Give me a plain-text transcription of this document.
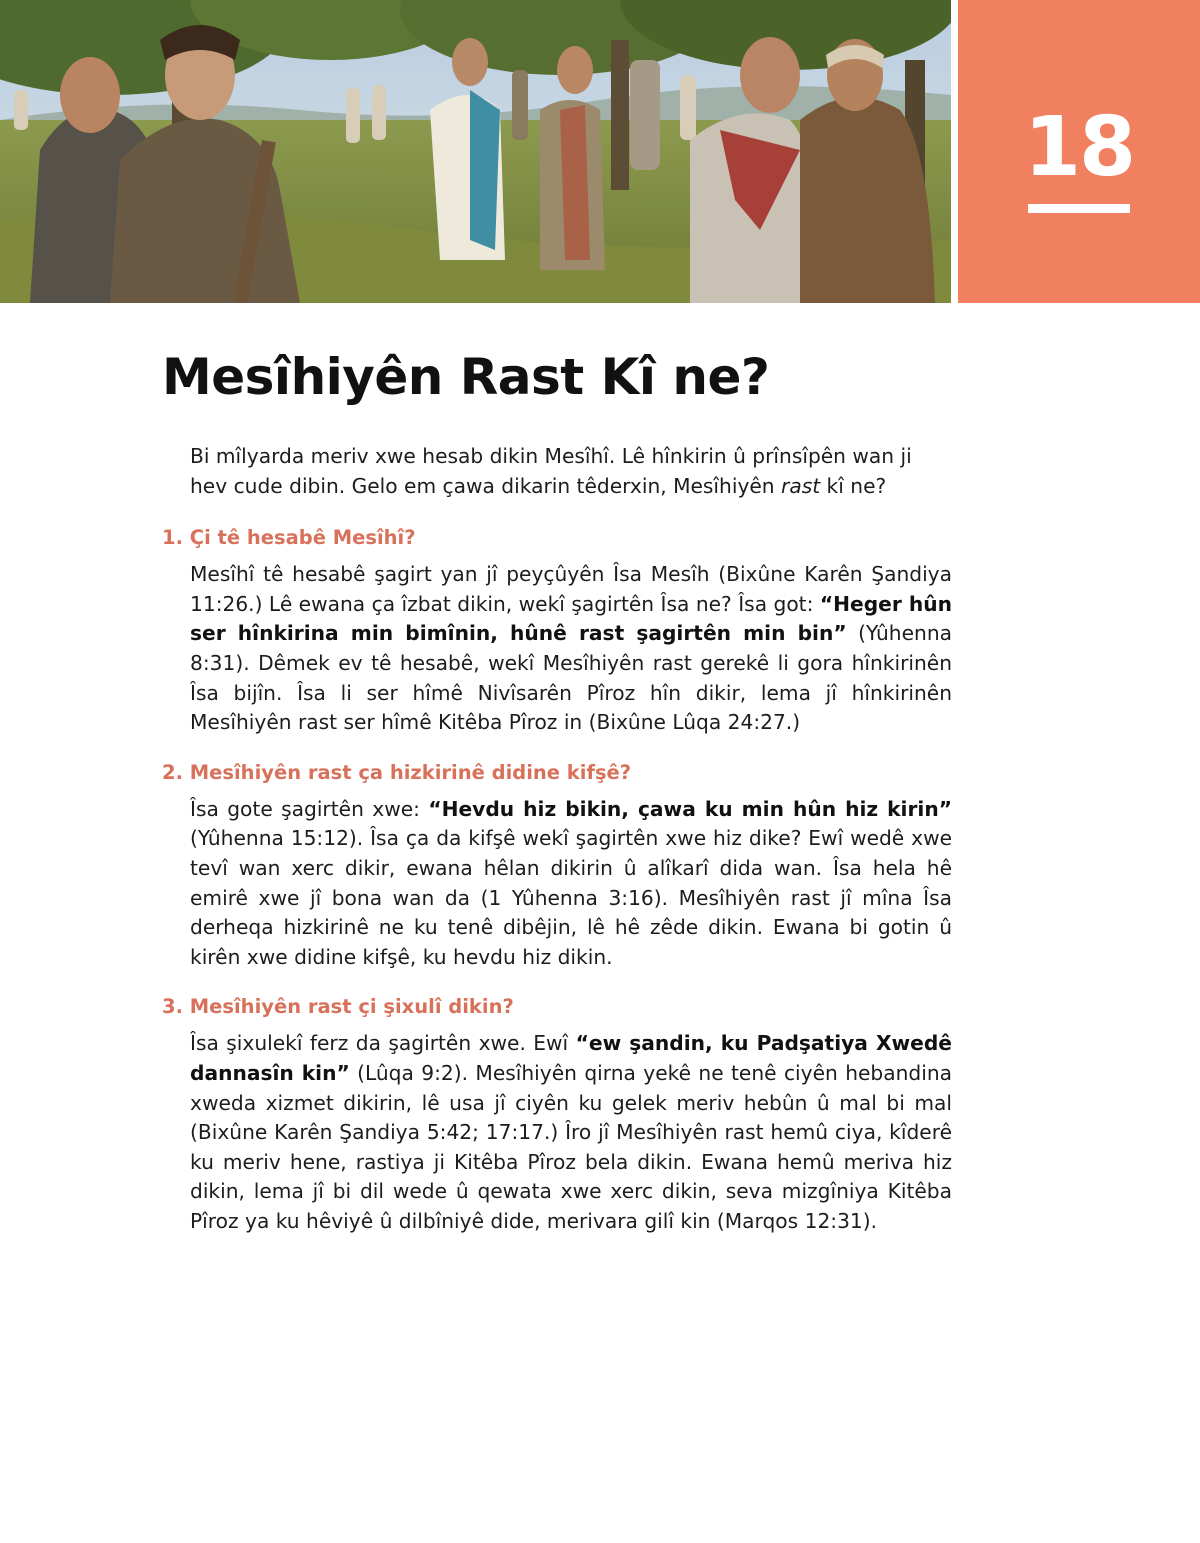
18
Mesîhiyên Rast Kî ne?

Bi mîlyarda meriv xwe hesab dikin Mesîhî. Lê hînkirin û prînsîpên wan ji hev cude dibin. Gelo em çawa dikarin têderxin, Mesîhiyên rast kî ne?

1. Çi tê hesabê Mesîhî?

Mesîhî tê hesabê şagirt yan jî peyçûyên Îsa Mesîh (Bixûne Karên Şandiya 11:26.) Lê ewana ça îzbat dikin, wekî şagirtên Îsa ne? Îsa got: “Heger hûn ser hînkirina min bimînin, hûnê rast şagirtên min bin” (Yûhenna 8:31). Dêmek ev tê hesabê, wekî Mesîhiyên rast gerekê li gora hînkirinên Îsa bijîn. Îsa li ser hîmê Nivîsarên Pîroz hîn dikir, lema jî hînkirinên Mesîhiyên rast ser hîmê Kitêba Pîroz in (Bixûne Lûqa 24:27.)

2. Mesîhiyên rast ça hizkirinê didine kifşê?

Îsa gote şagirtên xwe: “Hevdu hiz bikin, çawa ku min hûn hiz kirin” (Yûhenna 15:12). Îsa ça da kifşê wekî şagirtên xwe hiz dike? Ewî wedê xwe tevî wan xerc dikir, ewana hêlan dikirin û alîkarî dida wan. Îsa hela hê emirê xwe jî bona wan da (1 Yûhenna 3:16). Mesîhiyên rast jî mîna Îsa derheqa hizkirinê ne ku tenê dibêjin, lê hê zêde dikin. Ewana bi gotin û kirên xwe didine kifşê, ku hevdu hiz dikin.

3. Mesîhiyên rast çi şixulî dikin?

Îsa şixulekî ferz da şagirtên xwe. Ewî “ew şandin, ku Padşatiya Xwedê dannasîn kin” (Lûqa 9:2). Mesîhiyên qirna yekê ne tenê ciyên hebandina xweda xizmet dikirin, lê usa jî ciyên ku gelek meriv hebûn û mal bi mal (Bixûne Karên Şandiya 5:42; 17:17.) Îro jî Mesîhiyên rast hemû ciya, kîderê ku meriv hene, rastiya ji Kitêba Pîroz bela dikin. Ewana hemû meriva hiz dikin, lema jî bi dil wede û qewata xwe xerc dikin, seva mizgîniya Kitêba Pîroz ya ku hêviyê û dilbîniyê dide, merivara gilî kin (Marqos 12:31).
